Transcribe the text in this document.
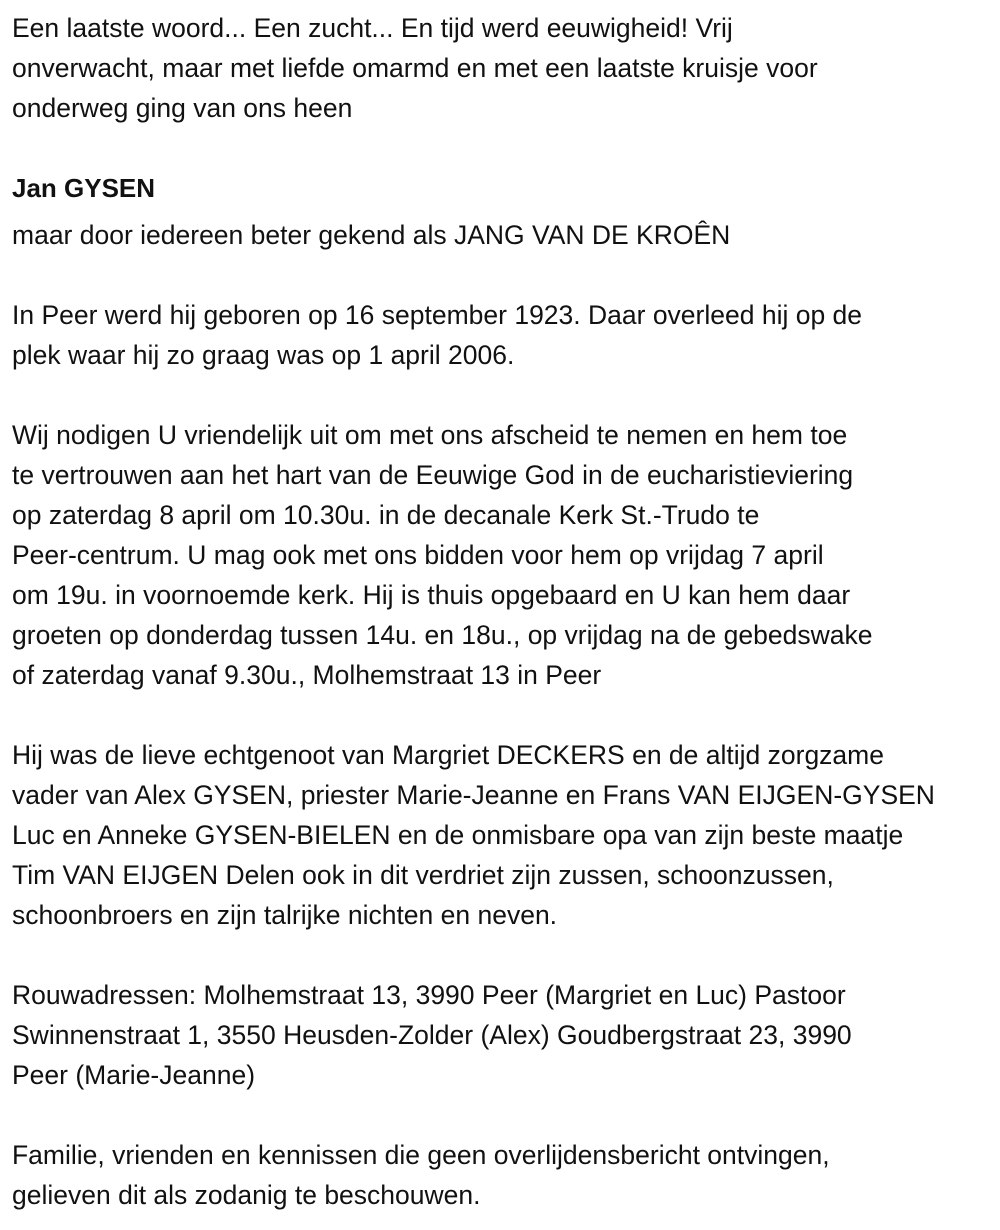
Een laatste woord... Een zucht... En tijd werd eeuwigheid! Vrij
onverwacht, maar met liefde omarmd en met een laatste kruisje voor
onderweg ging van ons heen
Jan GYSEN
maar door iedereen beter gekend als JANG VAN DE KROÊN
In Peer werd hij geboren op 16 september 1923. Daar overleed hij op de
plek waar hij zo graag was op 1 april 2006.
Wij nodigen U vriendelijk uit om met ons afscheid te nemen en hem toe
te vertrouwen aan het hart van de Eeuwige God in de eucharistieviering
op zaterdag 8 april om 10.30u. in de decanale Kerk St.-Trudo te
Peer-centrum. U mag ook met ons bidden voor hem op vrijdag 7 april
om 19u. in voornoemde kerk. Hij is thuis opgebaard en U kan hem daar
groeten op donderdag tussen 14u. en 18u., op vrijdag na de gebedswake
of zaterdag vanaf 9.30u., Molhemstraat 13 in Peer
Hij was de lieve echtgenoot van Margriet DECKERS en de altijd zorgzame
vader van Alex GYSEN, priester Marie-Jeanne en Frans VAN EIJGEN-GYSEN
Luc en Anneke GYSEN-BIELEN en de onmisbare opa van zijn beste maatje
Tim VAN EIJGEN Delen ook in dit verdriet zijn zussen, schoonzussen,
schoonbroers en zijn talrijke nichten en neven.
Rouwadressen: Molhemstraat 13, 3990 Peer (Margriet en Luc) Pastoor
Swinnenstraat 1, 3550 Heusden-Zolder (Alex) Goudbergstraat 23, 3990
Peer (Marie-Jeanne)
Familie, vrienden en kennissen die geen overlijdensbericht ontvingen,
gelieven dit als zodanig te beschouwen.
